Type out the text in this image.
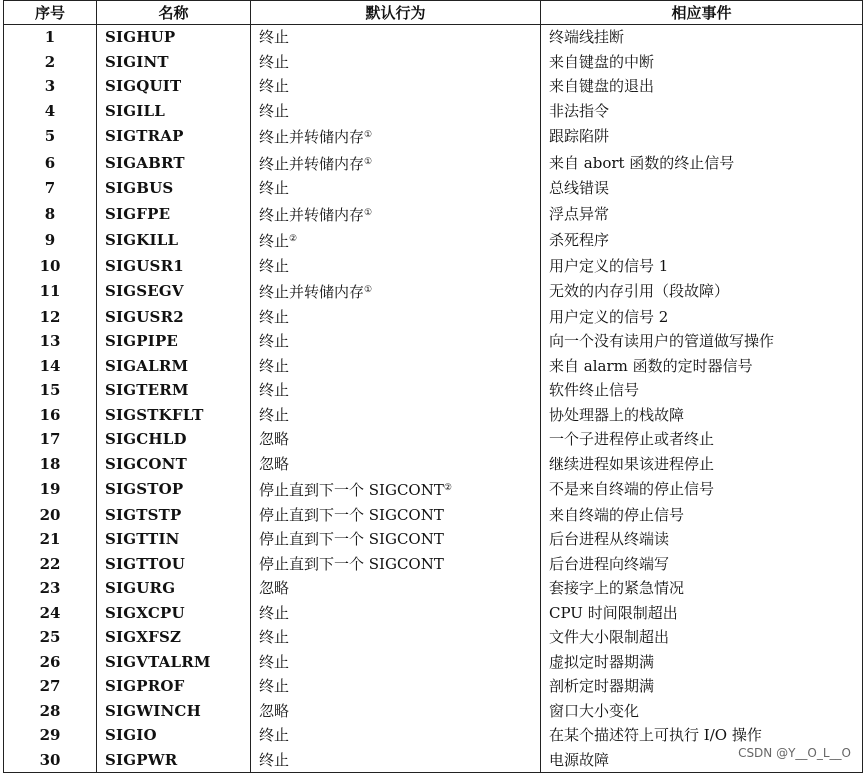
序号	名称	默认行为	相应事件
1	SIGHUP	终止	终端线挂断
2	SIGINT	终止	来自键盘的中断
3	SIGQUIT	终止	来自键盘的退出
4	SIGILL	终止	非法指令
5	SIGTRAP	终止并转储内存①	跟踪陷阱
6	SIGABRT	终止并转储内存①	来自 abort 函数的终止信号
7	SIGBUS	终止	总线错误
8	SIGFPE	终止并转储内存①	浮点异常
9	SIGKILL	终止②	杀死程序
10	SIGUSR1	终止	用户定义的信号 1
11	SIGSEGV	终止并转储内存①	无效的内存引用（段故障）
12	SIGUSR2	终止	用户定义的信号 2
13	SIGPIPE	终止	向一个没有读用户的管道做写操作
14	SIGALRM	终止	来自 alarm 函数的定时器信号
15	SIGTERM	终止	软件终止信号
16	SIGSTKFLT	终止	协处理器上的栈故障
17	SIGCHLD	忽略	一个子进程停止或者终止
18	SIGCONT	忽略	继续进程如果该进程停止
19	SIGSTOP	停止直到下一个 SIGCONT②	不是来自终端的停止信号
20	SIGTSTP	停止直到下一个 SIGCONT	来自终端的停止信号
21	SIGTTIN	停止直到下一个 SIGCONT	后台进程从终端读
22	SIGTTOU	停止直到下一个 SIGCONT	后台进程向终端写
23	SIGURG	忽略	套接字上的紧急情况
24	SIGXCPU	终止	CPU 时间限制超出
25	SIGXFSZ	终止	文件大小限制超出
26	SIGVTALRM	终止	虚拟定时器期满
27	SIGPROF	终止	剖析定时器期满
28	SIGWINCH	忽略	窗口大小变化
29	SIGIO	终止	在某个描述符上可执行 I/O 操作
30	SIGPWR	终止	电源故障	CSDN @Y__O_L__O
